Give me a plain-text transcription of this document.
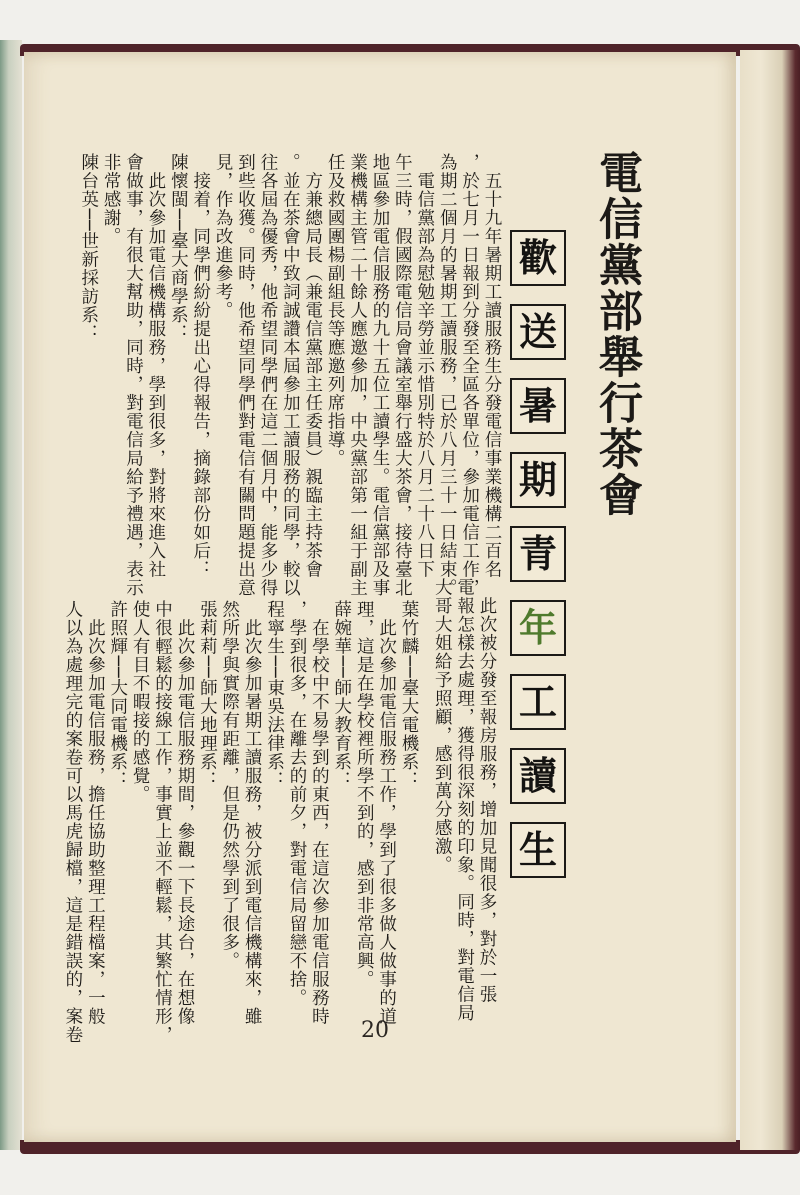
電信黨部舉行茶會
歡
送
暑
期
青
年
工
讀
生
　五十九年暑期工讀服務生分發電信事業機構二百名
，於七月一日報到分發至全區各單位，參加電信工作，
為期二個月的暑期工讀服務，已於八月三十一日結束。
　電信黨部為慰勉辛勞並示惜別特於八月二十八日下
午三時，假國際電信局會議室舉行盛大茶會，接待臺北
地區參加電信服務的九十五位工讀學生。電信黨部及事
業機構主管二十餘人應邀參加，中央黨部第一組于副主
任及救國團楊副組長等應邀列席指導。
　方兼總局長（兼電信黨部主任委員）親臨主持茶會
。並在茶會中致詞誠讚本屆參加工讀服務的同學，較以
往各屆為優秀，他希望同學們在這二個月中，能多少得
到些收獲。同時，他希望同學們對電信有關問題提出意
見，作為改進參考。
　接着，同學們紛紛提出心得報告，摘錄部份如后：
陳懷閩──臺大商學系：
　此次參加電信機構服務，學到很多，對將來進入社
會做事，有很大幫助，同時，對電信局給予禮遇，表示
非常感謝。
陳台英──世新採訪系：
　此次被分發至報房服務，增加見聞很多，對於一張
電報怎樣去處理，獲得很深刻的印象。同時，對電信局
大哥大姐給予照顧，感到萬分感激。
葉竹麟──臺大電機系：
　此次參加電信服務工作，學到了很多做人做事的道
理，這是在學校裡所學不到的，感到非常高興。
薛婉華──師大教育系：
　在學校中不易學到的東西，在這次參加電信服務時
，學到很多，在離去的前夕，對電信局留戀不捨。
程寧生──東吳法律系：
　此次參加暑期工讀服務，被分派到電信機構來，雖
然所學與實際有距離，但是仍然學到了很多。
張莉莉──師大地理系：
　此次參加電信服務期間，參觀一下長途台，在想像
中很輕鬆的接線工作，事實上並不輕鬆，其繁忙情形，
使人有目不暇接的感覺。
許照輝──大同電機系：
　此次參加電信服務，擔任協助整理工程檔案，一般
人以為處理完的案卷可以馬虎歸檔，這是錯誤的，案卷	20
